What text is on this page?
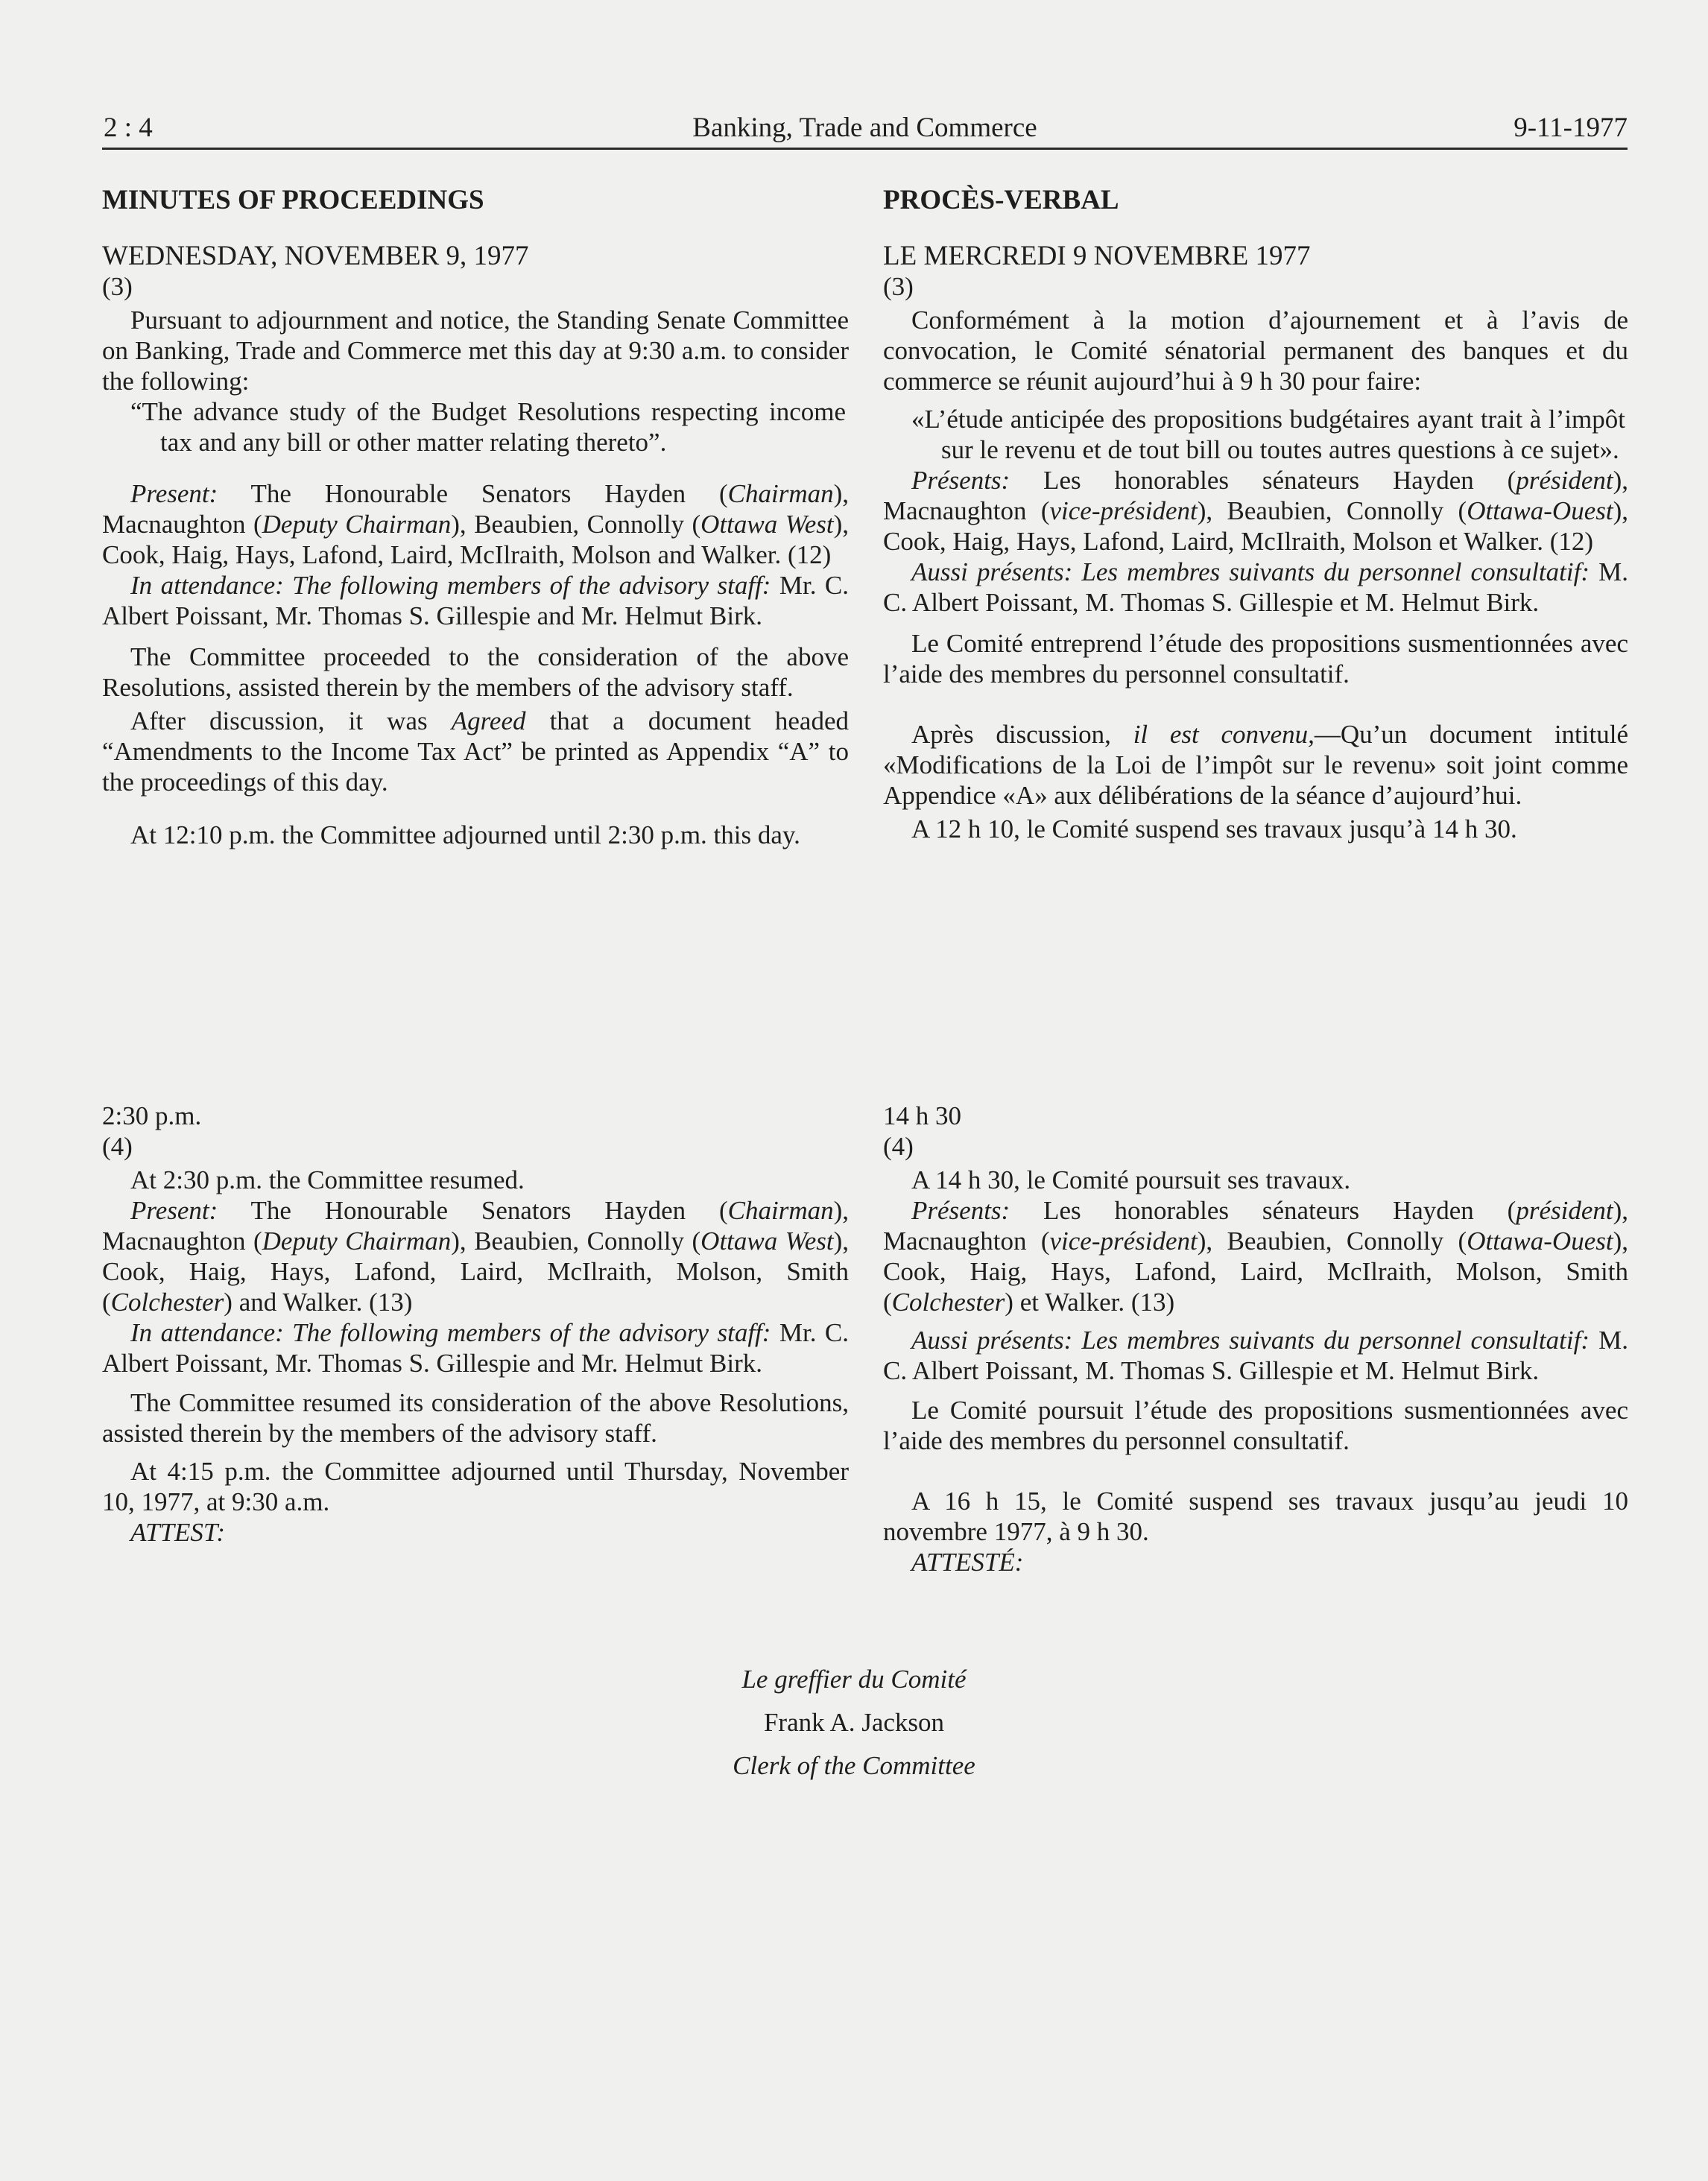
2 : 4	Banking, Trade and Commerce	9-11-1977

MINUTES OF PROCEEDINGS

WEDNESDAY, NOVEMBER 9, 1977

(3)

Pursuant to adjournment and notice, the Standing Senate Committee on Banking, Trade and Commerce met this day at 9:30 a.m. to consider the following:

“The advance study of the Budget Resolutions respecting income tax and any bill or other matter relating thereto”.

Present: The Honourable Senators Hayden (Chairman), Macnaughton (Deputy Chairman), Beaubien, Connolly (Ottawa West), Cook, Haig, Hays, Lafond, Laird, McIlraith, Molson and Walker. (12)

In attendance: The following members of the advisory staff: Mr. C. Albert Poissant, Mr. Thomas S. Gillespie and Mr. Helmut Birk.

The Committee proceeded to the consideration of the above Resolutions, assisted therein by the members of the advisory staff.

After discussion, it was Agreed that a document headed “Amendments to the Income Tax Act” be printed as Appendix “A” to the proceedings of this day.

At 12:10 p.m. the Committee adjourned until 2:30 p.m. this day.

PROCÈS-VERBAL

LE MERCREDI 9 NOVEMBRE 1977

(3)

Conformément à la motion d’ajournement et à l’avis de convocation, le Comité sénatorial permanent des banques et du commerce se réunit aujourd’hui à 9 h 30 pour faire:

«L’étude anticipée des propositions budgétaires ayant trait à l’impôt sur le revenu et de tout bill ou toutes autres questions à ce sujet».

Présents: Les honorables sénateurs Hayden (président), Macnaughton (vice-président), Beaubien, Connolly (Ottawa-Ouest), Cook, Haig, Hays, Lafond, Laird, McIlraith, Molson et Walker. (12)

Aussi présents: Les membres suivants du personnel consultatif: M. C. Albert Poissant, M. Thomas S. Gillespie et M. Helmut Birk.

Le Comité entreprend l’étude des propositions susmentionnées avec l’aide des membres du personnel consultatif.

Après discussion, il est convenu,—Qu’un document intitulé «Modifications de la Loi de l’impôt sur le revenu» soit joint comme Appendice «A» aux délibérations de la séance d’aujourd’hui.

A 12 h 10, le Comité suspend ses travaux jusqu’à 14 h 30.

2:30 p.m.

(4)

At 2:30 p.m. the Committee resumed.

Present: The Honourable Senators Hayden (Chairman), Macnaughton (Deputy Chairman), Beaubien, Connolly (Ottawa West), Cook, Haig, Hays, Lafond, Laird, McIlraith, Molson, Smith (Colchester) and Walker. (13)

In attendance: The following members of the advisory staff: Mr. C. Albert Poissant, Mr. Thomas S. Gillespie and Mr. Helmut Birk.

The Committee resumed its consideration of the above Resolutions, assisted therein by the members of the advisory staff.

At 4:15 p.m. the Committee adjourned until Thursday, November 10, 1977, at 9:30 a.m.

ATTEST:

14 h 30

(4)

A 14 h 30, le Comité poursuit ses travaux.

Présents: Les honorables sénateurs Hayden (président), Macnaughton (vice-président), Beaubien, Connolly (Ottawa-Ouest), Cook, Haig, Hays, Lafond, Laird, McIlraith, Molson, Smith (Colchester) et Walker. (13)

Aussi présents: Les membres suivants du personnel consultatif: M. C. Albert Poissant, M. Thomas S. Gillespie et M. Helmut Birk.

Le Comité poursuit l’étude des propositions susmentionnées avec l’aide des membres du personnel consultatif.

A 16 h 15, le Comité suspend ses travaux jusqu’au jeudi 10 novembre 1977, à 9 h 30.

ATTESTÉ:

Le greffier du Comité
Frank A. Jackson
Clerk of the Committee
